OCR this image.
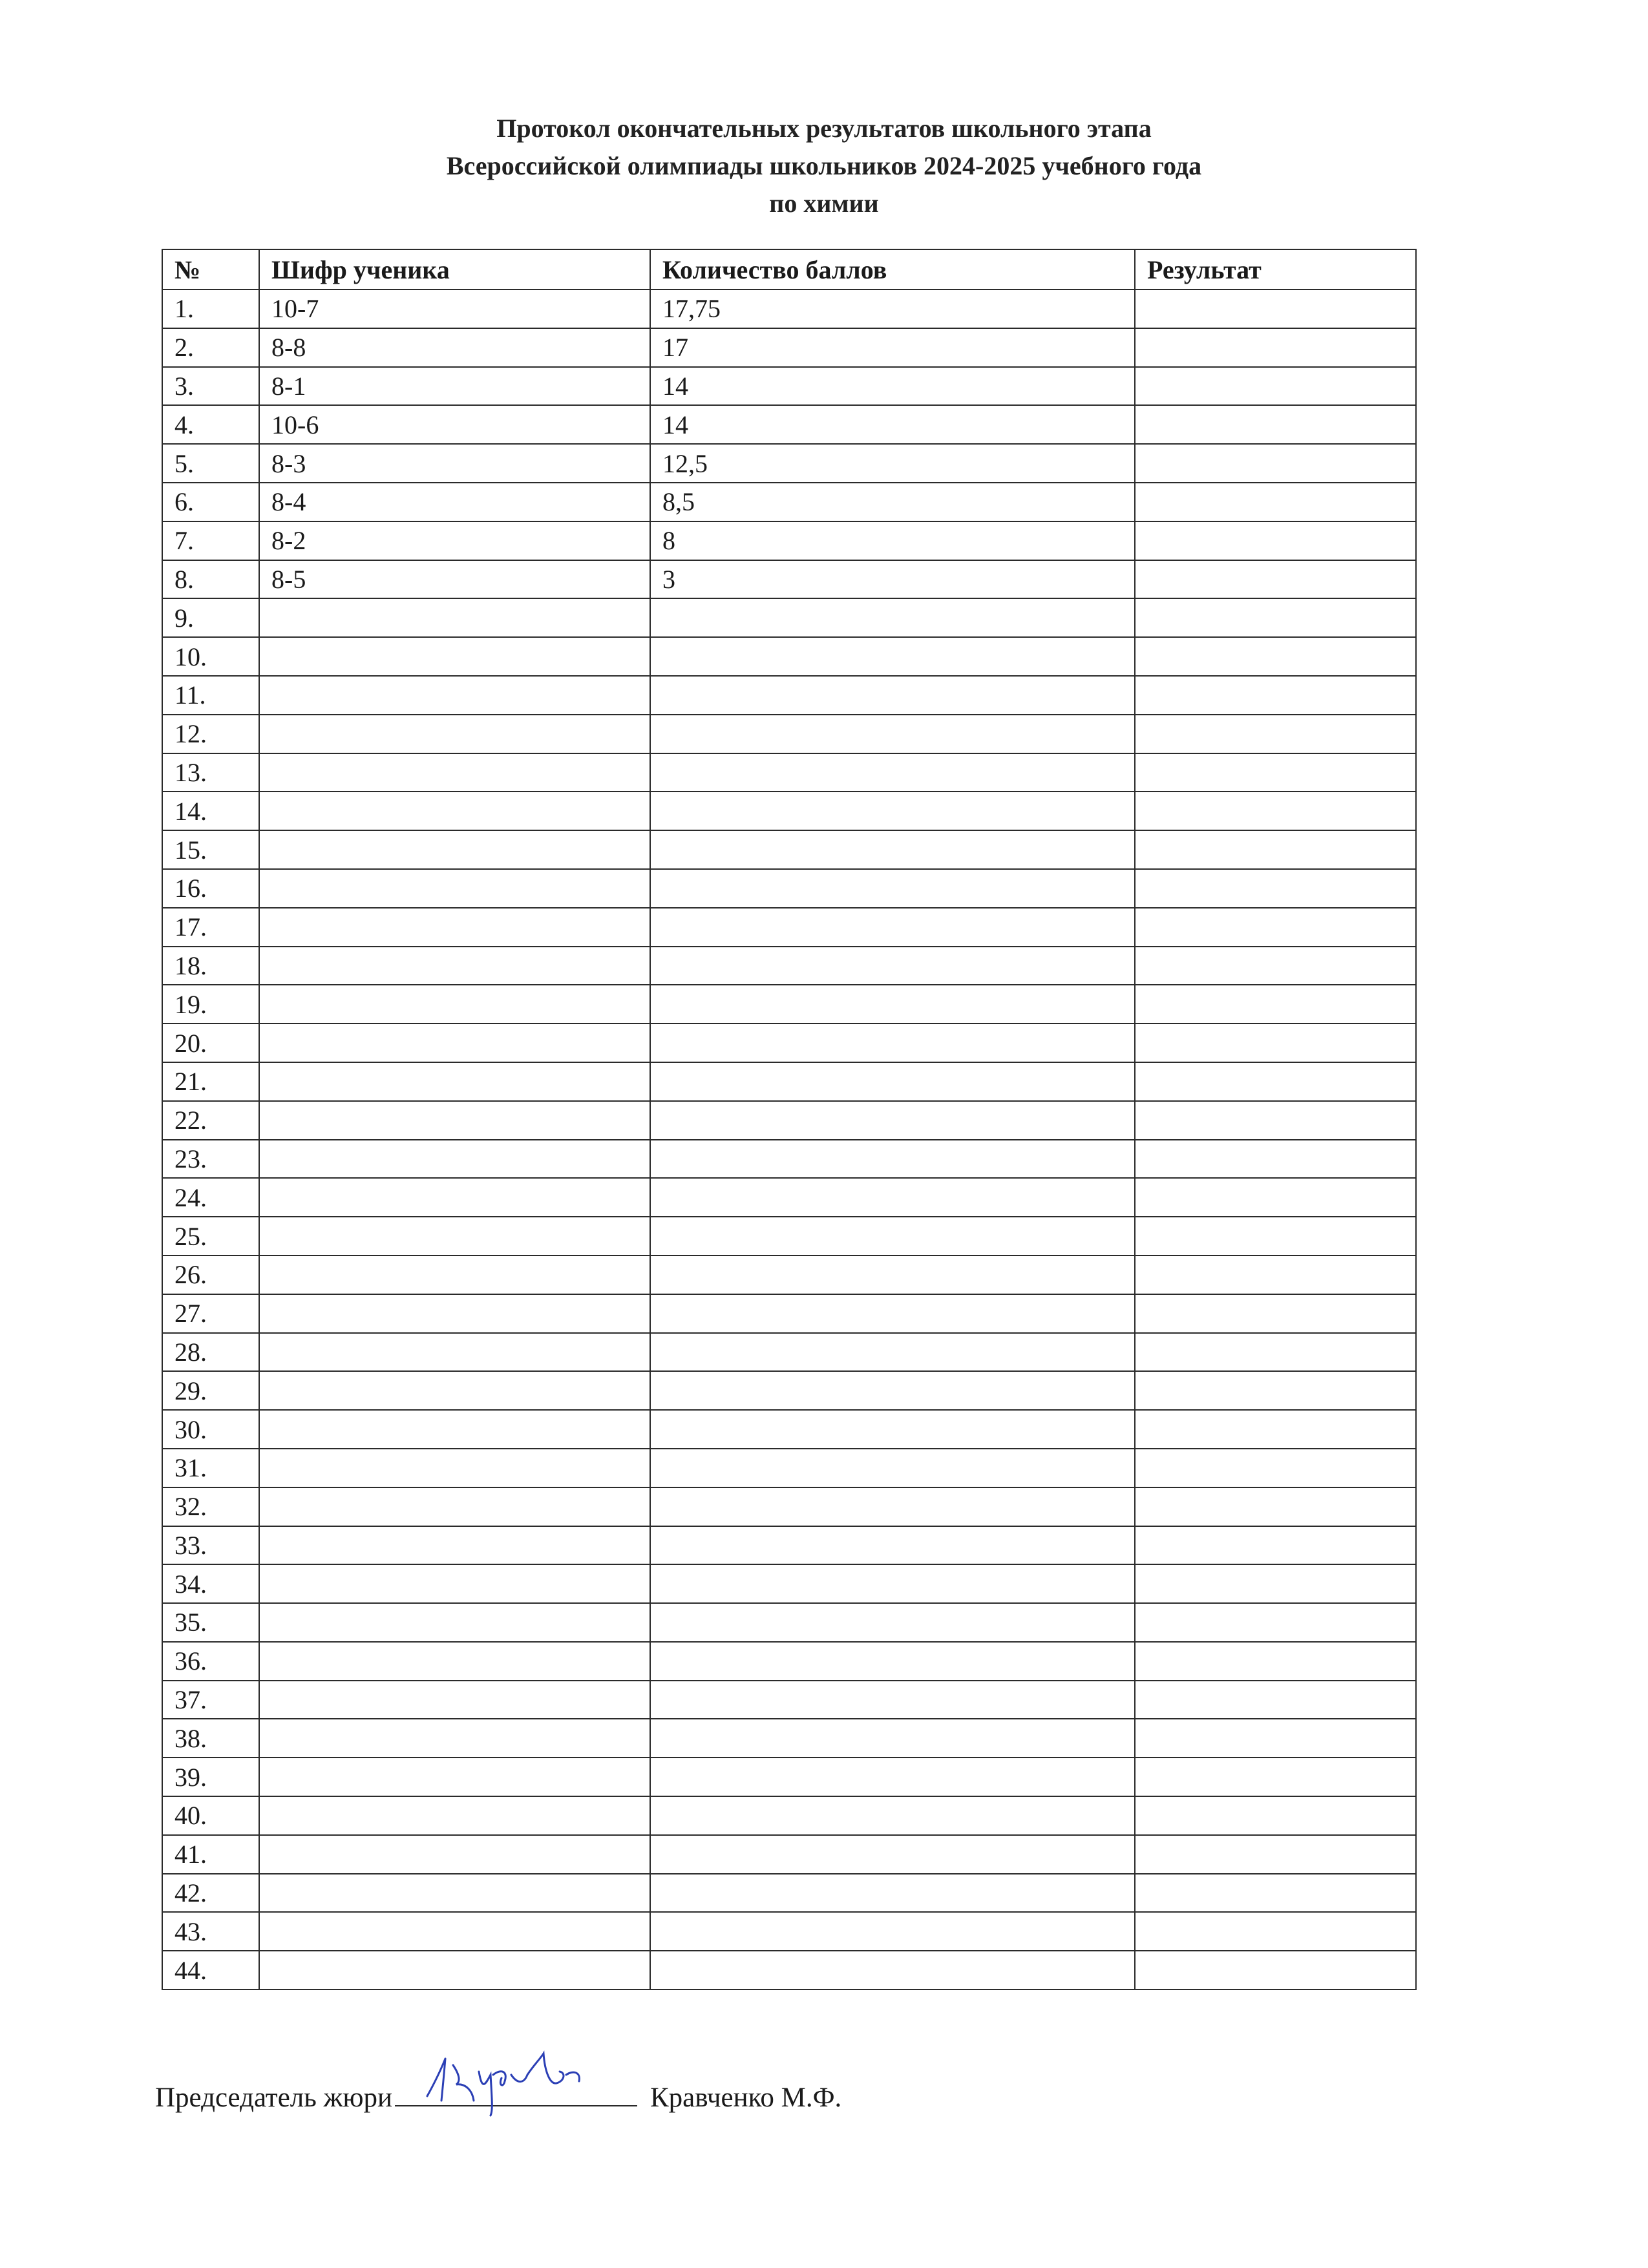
Протокол окончательных результатов школьного этапа
Всероссийской олимпиады школьников 2024-2025 учебного года
по химии
№	Шифр ученика	Количество баллов	Результат
1.	10-7	17,75	
2.	8-8	17	
3.	8-1	14	
4.	10-6	14	
5.	8-3	12,5	
6.	8-4	8,5	
7.	8-2	8	
8.	8-5	3	
9.			
10.			
11.			
12.			
13.			
14.			
15.			
16.			
17.			
18.			
19.			
20.			
21.			
22.			
23.			
24.			
25.			
26.			
27.			
28.			
29.			
30.			
31.			
32.			
33.			
34.			
35.			
36.			
37.			
38.			
39.			
40.			
41.			
42.			
43.			
44.			
Председатель жюри	Кравченко М.Ф.
